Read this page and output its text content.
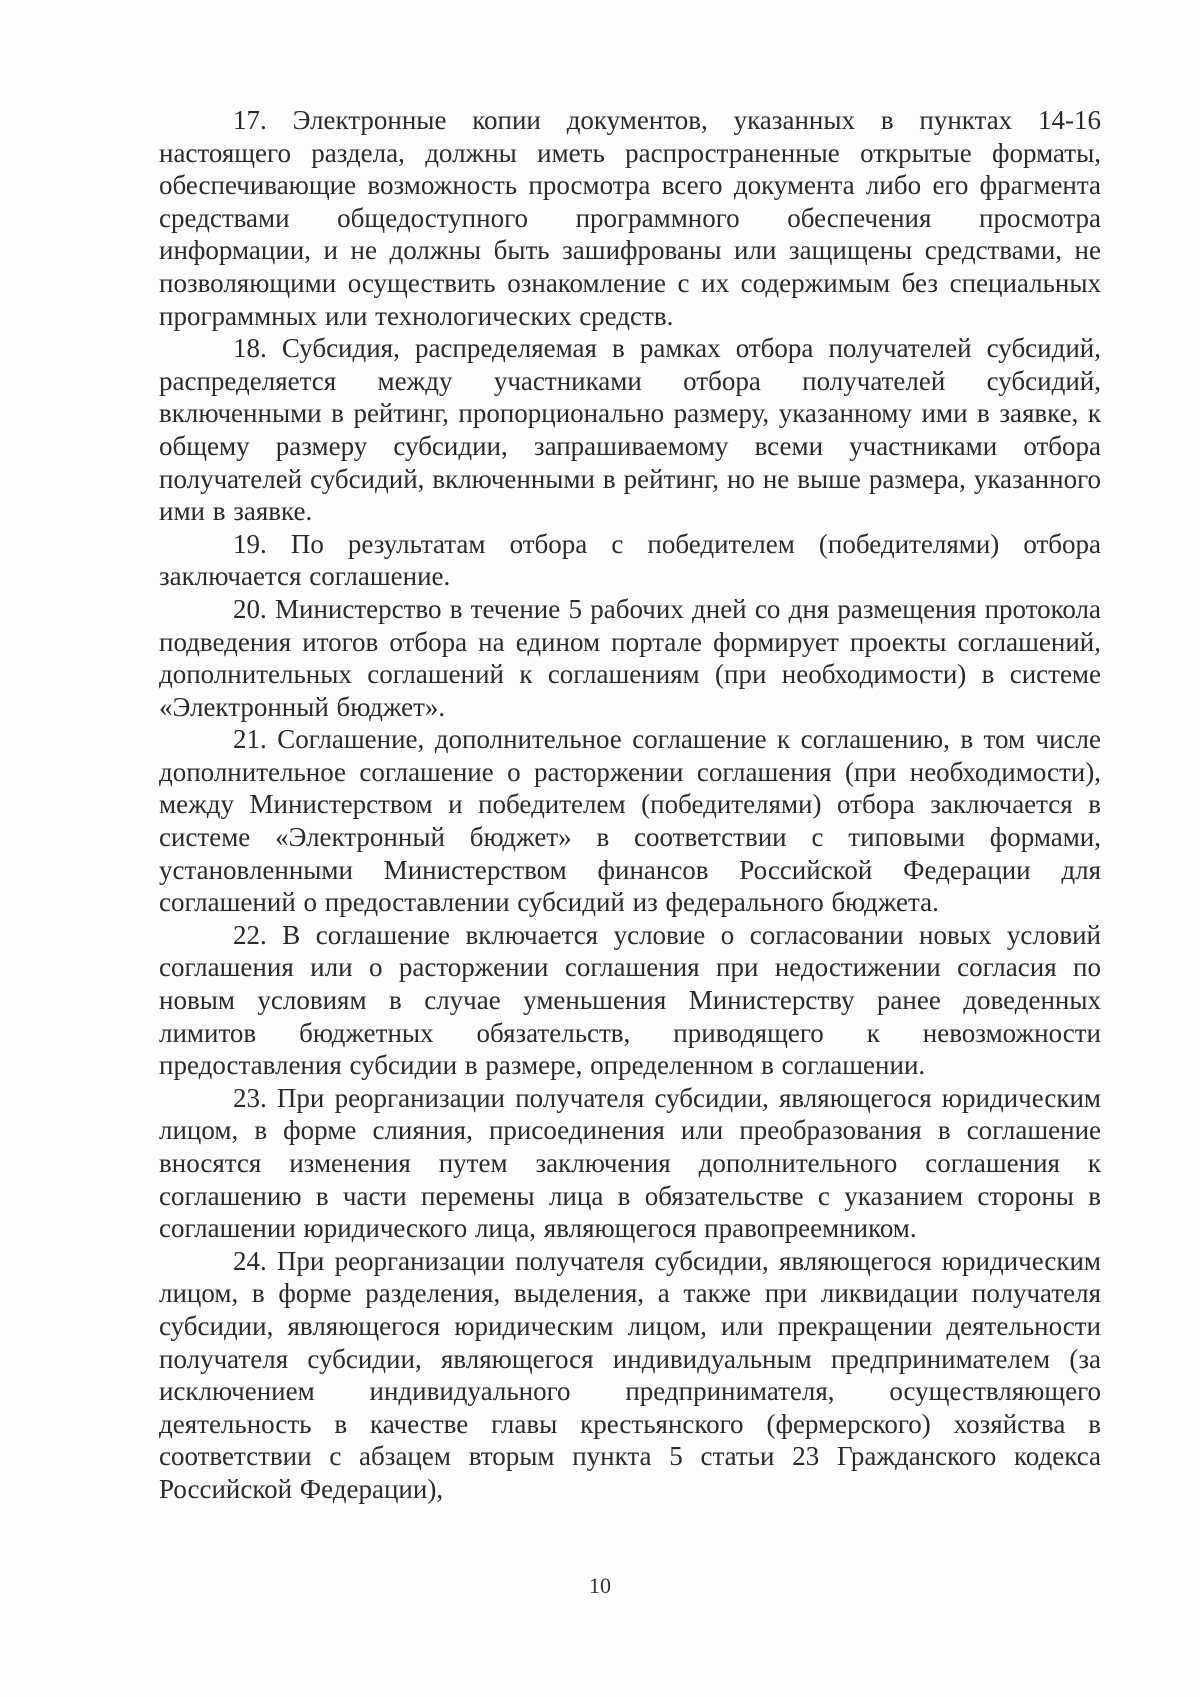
17. Электронные копии документов, указанных в пунктах 14-16 настоящего раздела, должны иметь распространенные открытые форматы, обеспечивающие возможность просмотра всего документа либо его фрагмента средствами общедоступного программного обеспечения просмотра информации, и не должны быть зашифрованы или защищены средствами, не позволяющими осуществить ознакомление с их содержимым без специальных программных или технологических средств.

18. Субсидия, распределяемая в рамках отбора получателей субсидий, распределяется между участниками отбора получателей субсидий, включенными в рейтинг, пропорционально размеру, указанному ими в заявке, к общему размеру субсидии, запрашиваемому всеми участниками отбора получателей субсидий, включенными в рейтинг, но не выше размера, указанного ими в заявке.

19. По результатам отбора с победителем (победителями) отбора заключается соглашение.

20. Министерство в течение 5 рабочих дней со дня размещения протокола подведения итогов отбора на едином портале формирует проекты соглашений, дополнительных соглашений к соглашениям (при необходимости) в системе «Электронный бюджет».

21. Соглашение, дополнительное соглашение к соглашению, в том числе дополнительное соглашение о расторжении соглашения (при необходимости), между Министерством и победителем (победителями) отбора заключается в системе «Электронный бюджет» в соответствии с типовыми формами, установленными Министерством финансов Российской Федерации для соглашений о предоставлении субсидий из федерального бюджета.

22. В соглашение включается условие о согласовании новых условий соглашения или о расторжении соглашения при недостижении согласия по новым условиям в случае уменьшения Министерству ранее доведенных лимитов бюджетных обязательств, приводящего к невозможности предоставления субсидии в размере, определенном в соглашении.

23. При реорганизации получателя субсидии, являющегося юридическим лицом, в форме слияния, присоединения или преобразования в соглашение вносятся изменения путем заключения дополнительного соглашения к соглашению в части перемены лица в обязательстве с указанием стороны в соглашении юридического лица, являющегося правопреемником.

24. При реорганизации получателя субсидии, являющегося юридическим лицом, в форме разделения, выделения, а также при ликвидации получателя субсидии, являющегося юридическим лицом, или прекращении деятельности получателя субсидии, являющегося индивидуальным предпринимателем (за исключением индивидуального предпринимателя, осуществляющего деятельность в качестве главы крестьянского (фермерского) хозяйства в соответствии с абзацем вторым пункта 5 статьи 23 Гражданского кодекса Российской Федерации),

10
